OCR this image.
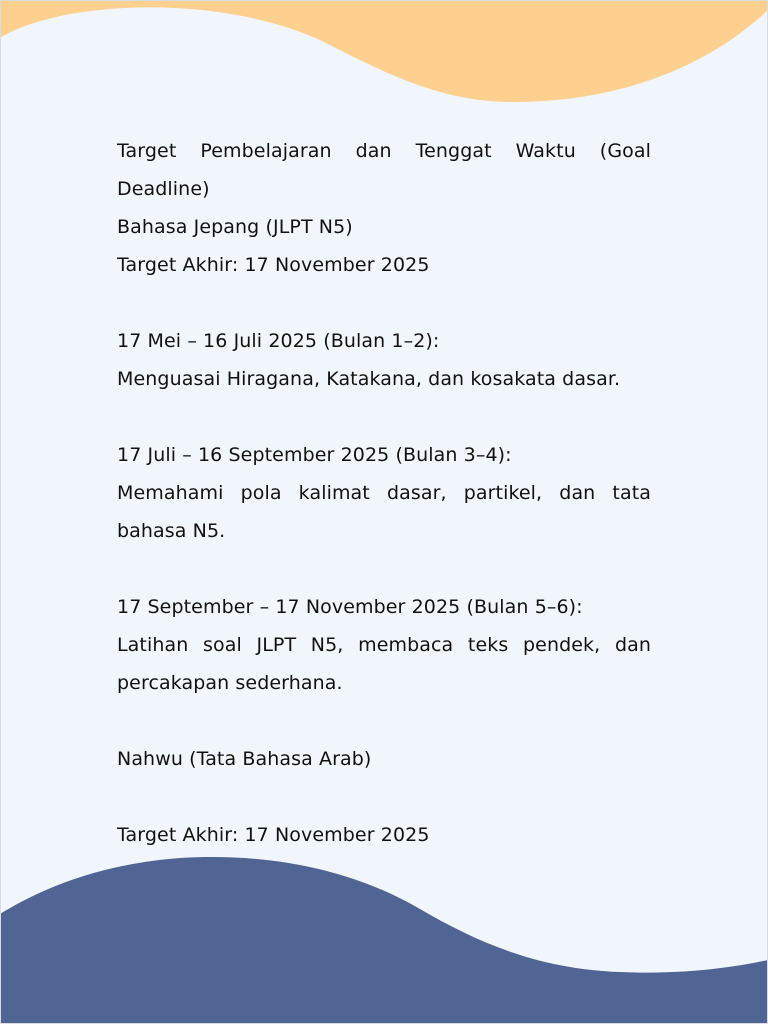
Target Pembelajaran dan Tenggat Waktu (Goal Deadline)
Bahasa Jepang (JLPT N5)
Target Akhir: 17 November 2025
17 Mei – 16 Juli 2025 (Bulan 1–2):
Menguasai Hiragana, Katakana, dan kosakata dasar.
17 Juli – 16 September 2025 (Bulan 3–4):
Memahami pola kalimat dasar, partikel, dan tata bahasa N5.
17 September – 17 November 2025 (Bulan 5–6):
Latihan soal JLPT N5, membaca teks pendek, dan percakapan sederhana.
Nahwu (Tata Bahasa Arab)
Target Akhir: 17 November 2025
